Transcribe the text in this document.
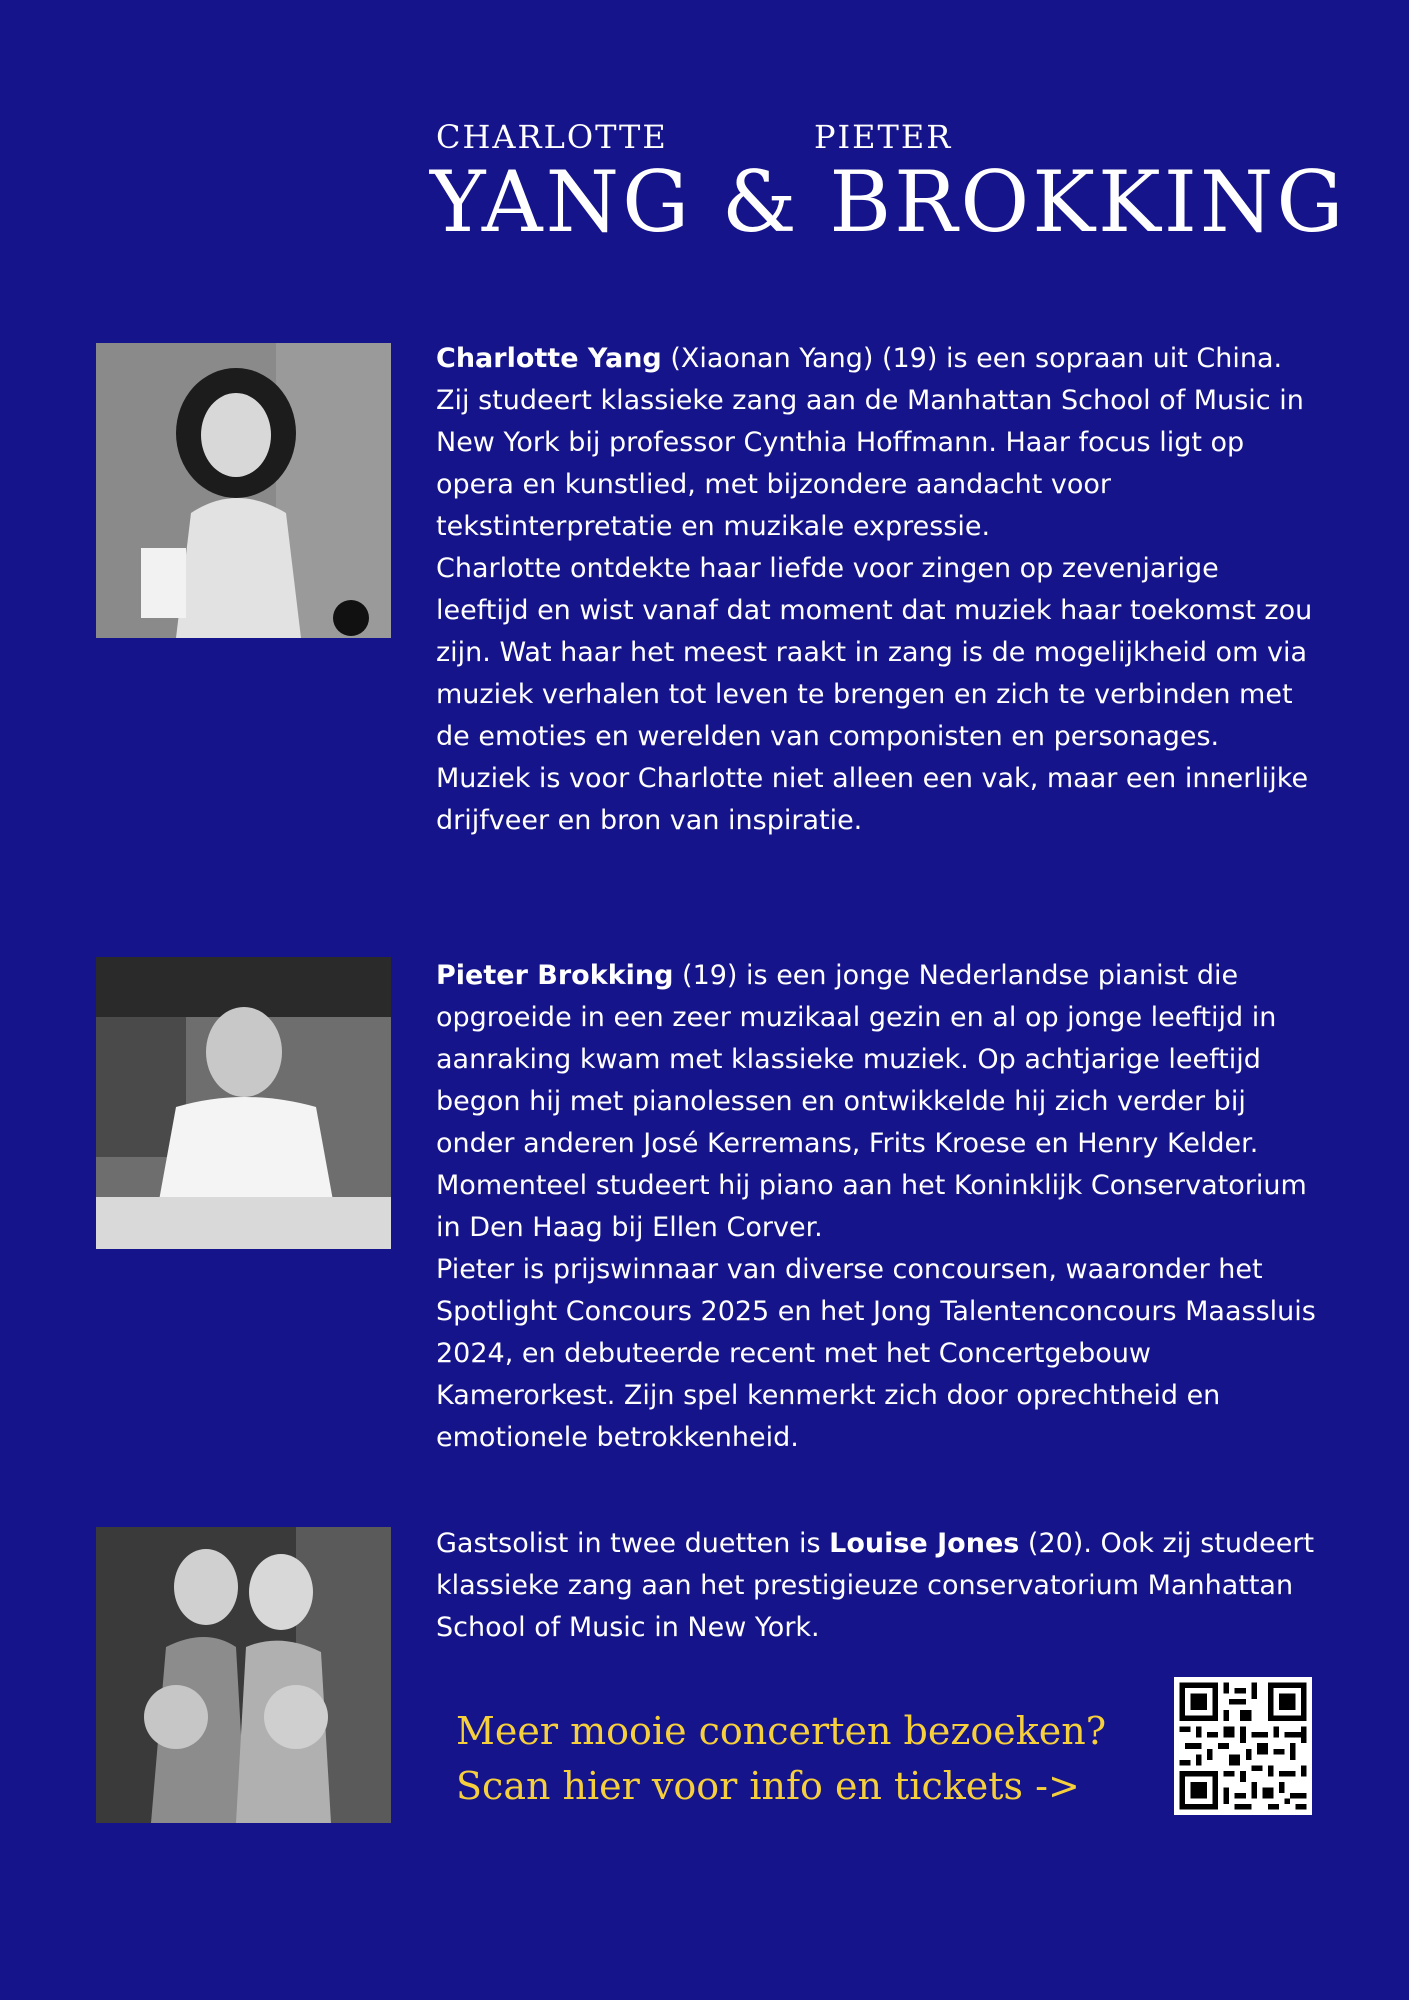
CHARLOTTE	PIETER
YANG & BROKKING

Charlotte Yang (Xiaonan Yang) (19) is een sopraan uit China. Zij studeert klassieke zang aan de Manhattan School of Music in New York bij professor Cynthia Hoffmann. Haar focus ligt op opera en kunstlied, met bijzondere aandacht voor tekstinterpretatie en muzikale expressie.

Charlotte ontdekte haar liefde voor zingen op zevenjarige leeftijd en wist vanaf dat moment dat muziek haar toekomst zou zijn. Wat haar het meest raakt in zang is de mogelijkheid om via muziek verhalen tot leven te brengen en zich te verbinden met de emoties en werelden van componisten en personages. Muziek is voor Charlotte niet alleen een vak, maar een innerlijke drijfveer en bron van inspiratie.

Pieter Brokking (19) is een jonge Nederlandse pianist die opgroeide in een zeer muzikaal gezin en al op jonge leeftijd in aanraking kwam met klassieke muziek. Op achtjarige leeftijd begon hij met pianolessen en ontwikkelde hij zich verder bij onder anderen José Kerremans, Frits Kroese en Henry Kelder. Momenteel studeert hij piano aan het Koninklijk Conservatorium in Den Haag bij Ellen Corver.

Pieter is prijswinnaar van diverse concoursen, waaronder het Spotlight Concours 2025 en het Jong Talentenconcours Maassluis 2024, en debuteerde recent met het Concertgebouw Kamerorkest. Zijn spel kenmerkt zich door oprechtheid en emotionele betrokkenheid.

Gastsolist in twee duetten is Louise Jones (20). Ook zij studeert klassieke zang aan het prestigieuze conservatorium Manhattan School of Music in New York.

Meer mooie concerten bezoeken?
Scan hier voor info en tickets ->
